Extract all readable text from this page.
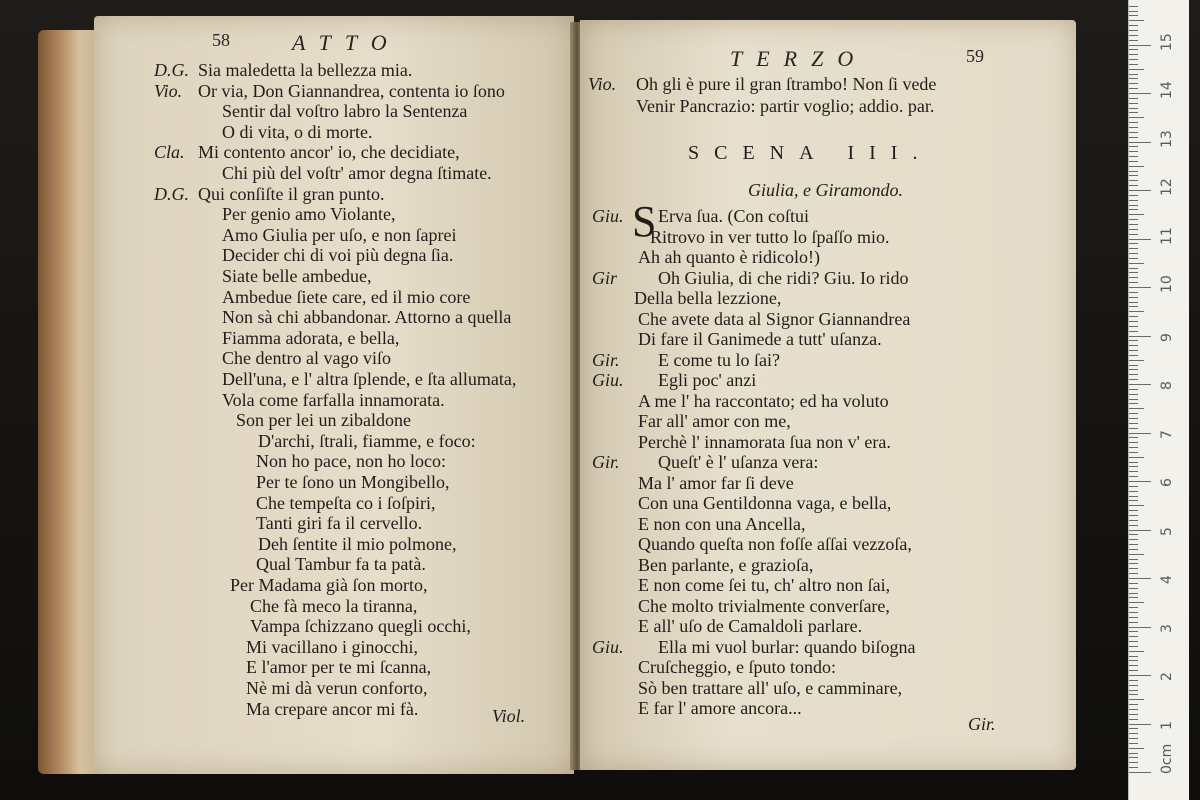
58	ATTO
D.G. Sia maledetta la bellezza mia.
Vio. Or via, Don Giannandrea, contenta io ſono
Sentir dal voſtro labro la Sentenza
O di vita, o di morte.
Cla. Mi contento ancor' io, che decidiate,
Chi più del voſtr' amor degna ſtimate.
D.G. Qui conſiſte il gran punto.
Per genio amo Violante,
Amo Giulia per uſo, e non ſaprei
Decider chi di voi più degna ſia.
Siate belle ambedue,
Ambedue ſiete care, ed il mio core
Non sà chi abbandonar. Attorno a quella
Fiamma adorata, e bella,
Che dentro al vago viſo
Dell'una, e l' altra ſplende, e ſta allumata,
Vola come farfalla innamorata.
Son per lei un zibaldone
D'archi, ſtrali, fiamme, e foco:
Non ho pace, non ho loco:
Per te ſono un Mongibello,
Che tempeſta co i ſoſpiri,
Tanti giri fa il cervello.
Deh ſentite il mio polmone,
Qual Tambur fa ta patà.
Per Madama già ſon morto,
Che fà meco la tiranna,
Vampa ſchizzano quegli occhi,
Mi vacillano i ginocchi,
E l'amor per te mi ſcanna,
Nè mi dà verun conforto,
Ma crepare ancor mi fà.	Viol.
TERZO	59
Vio. Oh gli è pure il gran ſtrambo! Non ſi vede
Venir Pancrazio: partir voglio; addio. par.
SCENA III.
Giulia, e Giramondo.
S
Giu. Erva ſua. (Con coſtui
Ritrovo in ver tutto lo ſpaſſo mio.
Ah ah quanto è ridicolo!)
Gir Oh Giulia, di che ridi? Giu. Io rido
Della bella lezzione,
Che avete data al Signor Giannandrea
Di fare il Ganimede a tutt' uſanza.
Gir. E come tu lo ſai?
Giu. Egli poc' anzi
A me l' ha raccontato; ed ha voluto
Far all' amor con me,
Perchè l' innamorata ſua non v' era.
Gir. Queſt' è l' uſanza vera:
Ma l' amor far ſi deve
Con una Gentildonna vaga, e bella,
E non con una Ancella,
Quando queſta non foſſe aſſai vezzoſa,
Ben parlante, e grazioſa,
E non come ſei tu, ch' altro non ſai,
Che molto trivialmente converſare,
E all' uſo de Camaldoli parlare.
Giu. Ella mi vuol burlar: quando biſogna
Cruſcheggio, e ſputo tondo:
Sò ben trattare all' uſo, e camminare,
E far l' amore ancora...
Gir.
0cm
1
2
3
4
5
6
7
8
9
10
11
12
13
14
15
